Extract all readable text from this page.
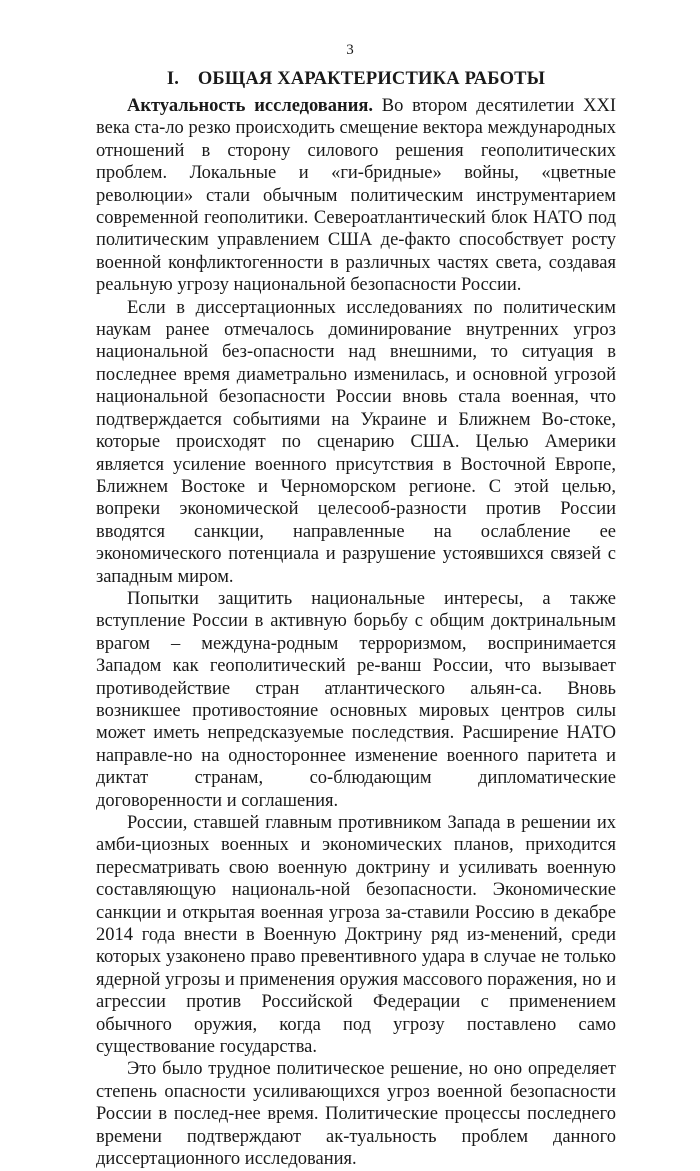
3
I. ОБЩАЯ ХАРАКТЕРИСТИКА РАБОТЫ

Актуальность исследования. Во втором десятилетии XXI века ста-ло резко происходить смещение вектора международных отношений в сторону силового решения геополитических проблем. Локальные и «ги-бридные» войны, «цветные революции» стали обычным политическим инструментарием современной геополитики. Североатлантический блок НАТО под политическим управлением США де-факто способствует росту военной конфликтогенности в различных частях света, создавая реальную угрозу национальной безопасности России.

Если в диссертационных исследованиях по политическим наукам ранее отмечалось доминирование внутренних угроз национальной без-опасности над внешними, то ситуация в последнее время диаметрально изменилась, и основной угрозой национальной безопасности России вновь стала военная, что подтверждается событиями на Украине и Ближнем Во-стоке, которые происходят по сценарию США. Целью Америки является усиление военного присутствия в Восточной Европе, Ближнем Востоке и Черноморском регионе. С этой целью, вопреки экономической целесооб-разности против России вводятся санкции, направленные на ослабление ее экономического потенциала и разрушение устоявшихся связей с западным миром.

Попытки защитить национальные интересы, а также вступление России в активную борьбу с общим доктринальным врагом – междуна-родным терроризмом, воспринимается Западом как геополитический ре-ванш России, что вызывает противодействие стран атлантического альян-са. Вновь возникшее противостояние основных мировых центров силы может иметь непредсказуемые последствия. Расширение НАТО направле-но на одностороннее изменение военного паритета и диктат странам, со-блюдающим дипломатические договоренности и соглашения.

России, ставшей главным противником Запада в решении их амби-циозных военных и экономических планов, приходится пересматривать свою военную доктрину и усиливать военную составляющую националь-ной безопасности. Экономические санкции и открытая военная угроза за-ставили Россию в декабре 2014 года внести в Военную Доктрину ряд из-менений, среди которых узаконено право превентивного удара в случае не только ядерной угрозы и применения оружия массового поражения, но и агрессии против Российской Федерации с применением обычного оружия, когда под угрозу поставлено само существование государства.

Это было трудное политическое решение, но оно определяет степень опасности усиливающихся угроз военной безопасности России в послед-нее время. Политические процессы последнего времени подтверждают ак-туальность проблем данного диссертационного исследования.
